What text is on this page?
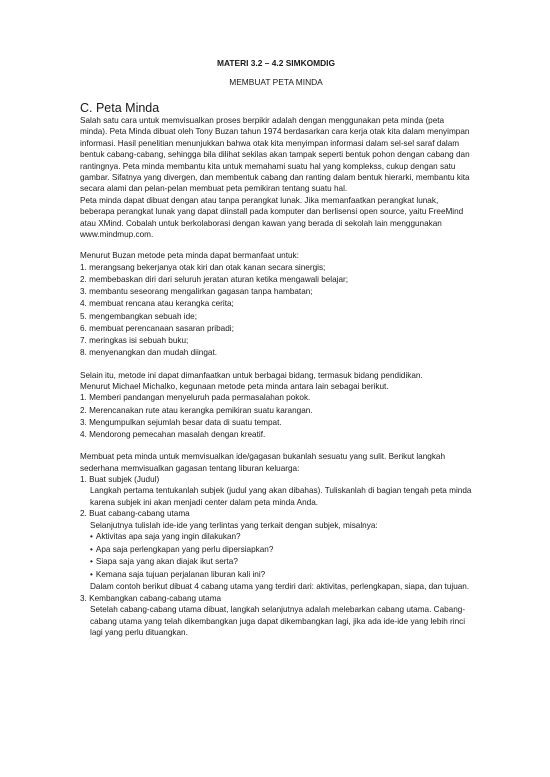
MATERI 3.2 – 4.2 SIMKOMDIG
MEMBUAT PETA MINDA
C. Peta Minda

Salah satu cara untuk memvisualkan proses berpikir adalah dengan menggunakan peta minda (peta minda). Peta Minda dibuat oleh Tony Buzan tahun 1974 berdasarkan cara kerja otak kita dalam menyimpan informasi. Hasil penelitian menunjukkan bahwa otak kita menyimpan informasi dalam sel-sel saraf dalam bentuk cabang-cabang, sehingga bila dilihat sekilas akan tampak seperti bentuk pohon dengan cabang dan rantingnya. Peta minda membantu kita untuk memahami suatu hal yang komplekss, cukup dengan satu gambar. Sifatnya yang divergen, dan membentuk cabang dan ranting dalam bentuk hierarki, membantu kita secara alami dan pelan-pelan membuat peta pemikiran tentang suatu hal.

Peta minda dapat dibuat dengan atau tanpa perangkat lunak. Jika memanfaatkan perangkat lunak, beberapa perangkat lunak yang dapat diinstall pada komputer dan berlisensi open source, yaitu FreeMind atau XMind. Cobalah untuk berkolaborasi dengan kawan yang berada di sekolah lain menggunakan www.mindmup.com.

Menurut Buzan metode peta minda dapat bermanfaat untuk:

1. merangsang bekerjanya otak kiri dan otak kanan secara sinergis;
2. membebaskan diri dari seluruh jeratan aturan ketika mengawali belajar;
3. membantu seseorang mengalirkan gagasan tanpa hambatan;
4. membuat rencana atau kerangka cerita;
5. mengembangkan sebuah ide;
6. membuat perencanaan sasaran pribadi;
7. meringkas isi sebuah buku;
8. menyenangkan dan mudah diingat.

Selain itu, metode ini dapat dimanfaatkan untuk berbagai bidang, termasuk bidang pendidikan.

Menurut Michael Michalko, kegunaan metode peta minda antara lain sebagai berikut.

1. Memberi pandangan menyeluruh pada permasalahan pokok.
2. Merencanakan rute atau kerangka pemikiran suatu karangan.
3. Mengumpulkan sejumlah besar data di suatu tempat.
4. Mendorong pemecahan masalah dengan kreatif.

Membuat peta minda untuk memvisualkan ide/gagasan bukanlah sesuatu yang sulit. Berikut langkah sederhana memvisualkan gagasan tentang liburan keluarga:

1. Buat subjek (Judul)

Langkah pertama tentukanlah subjek (judul yang akan dibahas). Tuliskanlah di bagian tengah peta minda karena subjek ini akan menjadi center dalam peta minda Anda.

2. Buat cabang-cabang utama

Selanjutnya tulislah ide-ide yang terlintas yang terkait dengan subjek, misalnya:

• Aktivitas apa saja yang ingin dilakukan?
• Apa saja perlengkapan yang perlu dipersiapkan?
• Siapa saja yang akan diajak ikut serta?
• Kemana saja tujuan perjalanan liburan kali ini?

Dalam contoh berikut dibuat 4 cabang utama yang terdiri dari: aktivitas, perlengkapan, siapa, dan tujuan.

3. Kembangkan cabang-cabang utama

Setelah cabang-cabang utama dibuat, langkah selanjutnya adalah melebarkan cabang utama. Cabang-cabang utama yang telah dikembangkan juga dapat dikembangkan lagi, jika ada ide-ide yang lebih rinci lagi yang perlu dituangkan.
